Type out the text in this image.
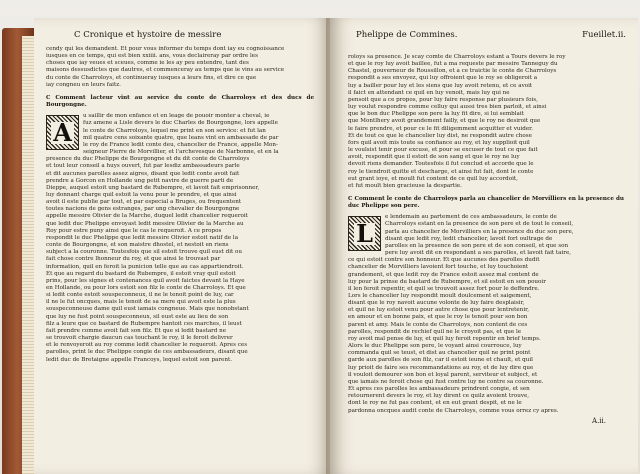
C Cronique et hystoire de messire
cendy qui les demandent. Et pour vous informer du temps dont iay eu cognoissance
iusques en ce temps, qui est bien xxiiii. ans, vous declaireray par ordre les
choses que iay veues et sceues, comme ie les ay peu entendre, tant des
maisons dessusdictes que dautres, et commenceray au temps que ie vins au service
du conte de Charroloys, et continueray iusques a leurs fins, et dire ce que
iay congneu en leurs faitz.
C Comment lacteur vint au service du conte de Charroloys et des ducs de Bourgongne.
A
u saillir de mon enfance et en leage de pouoir monter a cheval, ie
fuz amene a Lisle devers le duc Charles de Bourgongne, lors appelle
le conte de Charroloys, lequel me print en son service: et fut lan
mil quatre cens soixante quatre, que leans vint en ambassade de par
le roy de France ledit conte deu, chancelier de France, appelle Mon-
seigneur Pierre de Morvillier, et l'archevesque de Narbonne, et en la
presence du duc Phelippe de Bourgongne et du dit conte de Charroloys
et tout leur conseil a huys ouvert, fut par lesdiz ambassadeurs parle
et dit aucunes parolles assez aigres, disant que ledit conte avoit fait
prendre a Gorcon en Hollande ung petit navire de guerre parti de
Dieppe, auquel estoit ung bastard de Rubempre, et lavoit fait emprisonner,
luy donnant charge quil estoit la venu pour le prendre, et que ainsi
avoit il este publie par tout, et par especial a Bruges, ou frequentent
toutes nacions de gens estranges, par ung chevalier de Bourgongne
appelle messire Olivier de la Marche, duquel ledit chancelier requeroit
que ledit duc Phelippe envoyast ledit messire Olivier de la Marche au
Roy pour estre puny ainsi que le cas le requeroit. A ce propos
respondit le duc Phelippe que ledit messire Olivier estoit natif de la
conte de Bourgongne, et son maistre dhostel, et nestoit en riens
subject a la couronne. Toutesfois que sil estoit trouve quil eust dit ou
fait chose contre lhonneur du roy, et que ainsi le trouvast par
information, quil en feroit la punicion telle que au cas appartiendroit.
Et que au regard du bastard de Rubempre, il estoit vray quil estoit
prins, pour les signes et contenances quil avoit faictes devant la Haye
en Hollande, ou pour lors estoit son filz le conte de Charroloys. Et que
si ledit conte estoit souspeconneux, il ne le tenoit point de luy, car
il ne le fut oncques, mais le tenoit de sa mere qui avoit este la plus
souspeconneuse dame quil eust iamais congneue. Mais que nonobstant
que luy ne fust point souspeconneux, sil eust este au lieu de son
filz a leure que ce bastard de Rubempre hantoit ces marches, il leust
fait prendre comme avoit fait son filz. Et que si ledit bastard ne
se trouvoit chargie daucun cas touchant le roy, il le feroit delivrer
et le renvoyeroit au roy comme ledit chancelier le requeroit. Apres ces
parolles, print le duc Phelippe congie de ces ambassadeurs, disant que
ledit duc de Bretaigne appelle Francoys, lequel estoit son parent.
Phelippe de Commines.	Fueillet.ii.
roloys sa presence. Je scay comte de Charroloys estant a Tours devers le roy
et que le roy luy avoit baillee, fut a ma requeste par messire Tanneguy du
Chastel, gouverneur de Roussillon, et a ce traictie le conte de Charroloys
respondit a ses envoyez, qui luy offroient que le roy se obligeroit a
luy a bailler pour luy et les siens que luy avoit retenu, et ce avoit
il faict en attendant ce quil en luy venoit, mais luy qui ne
pensoit que a ce propos, pour luy faire response par plusieurs fois,
luy voulut respondre comme celluy qui aussi tres bien parloit, et ainsi
que le bon duc Phelippe son pere la luy fit dire, si lui semblait
que Montlhery avoit grandement failly, et que le roy ne desiroit que
le faire prendre, et pour ce le fit diligemment acquitter et vuider.
Et de tout ce que le chancelier luy dist, ne respondit autre chose
fors quil avoit mis toute sa confiance au roy, et luy supplioit quil
le voulsist tenir pour excuse, et pour se excuser de tout ce que fait
avoit, respondit que il estoit de son sang et que le roy ne luy
devoit riens demander. Toutesfois il fut conclud et accorde que le
roy le tiendroit quitte et descharge, et ainsi fut fait, dont le conte
eut grant ioye, et moult fut content de ce quil luy accordoit,
et fut moult bien gracieuse la despartie.
C Comment le conte de Charroloys parla au chancelier de Morvilliers en la presence du duc Phelippe son pere.
L
e lendemain au partement de ces ambassadeurs, le conte de
Charroloys estant en la presence de son pere et de tout le conseil,
parla au chancelier de Morvilliers en la presence du duc son pere,
disant que ledit roy, ledit chancelier, lavoit fort oultrage de
parolles en la presence de son pere et de son conseil, et que son
pere luy avoit dit en respondant a ses parolles, et lavoit fait taire,
ce qui estoit contre son honneur. Et que aucunes des parolles dudit
chancelier de Morvilliers lavoient fort touche, et luy touchoient
grandement, et que ledit roy de France estoit assez mal content de
luy pour la prinse du bastard de Rubempre, et sil estoit en son pouoir
il len feroit repentir, et quil se trouvoit assez fort pour le deffendre.
Lors le chancelier luy respondit moult doulcement et saigement,
disant que le roy navoit aucune volonte de luy faire desplaisir,
et quil ne luy estoit venu pour autre chose que pour lentretenir,
en amour et en bonne paix, et que le roy le tenoit pour son bon
parent et amy. Mais le conte de Charroloys, non content de ces
parolles, respondit de rechief quil ne le croyoit pas, et que le
roy avoit mal pense de luy, et quil luy feroit repentir en brief temps.
Alors le duc Phelippe son pere, le voyant ainsi courrouce, luy
commanda quil se teust, et dist au chancelier quil ne print point
garde aux parolles de son filz, car il estoit ieune et chault, et quil
luy prioit de faire ses recommandations au roy, et de luy dire que
il vouloit demourer son bon et loyal parent, serviteur et subject, et
que iamais ne feroit chose qui fust contre luy ne contre sa couronne.
Et apres ces parolles les ambassadeurs prindrent congie, et sen
retournerent devers le roy, et luy dirent ce quilz avoient trouve,
dont le roy ne fut pas content, et en eut grant despit, et ne le
pardonna oncques audit conte de Charroloys, comme vous orrez cy apres.
A.ii.
